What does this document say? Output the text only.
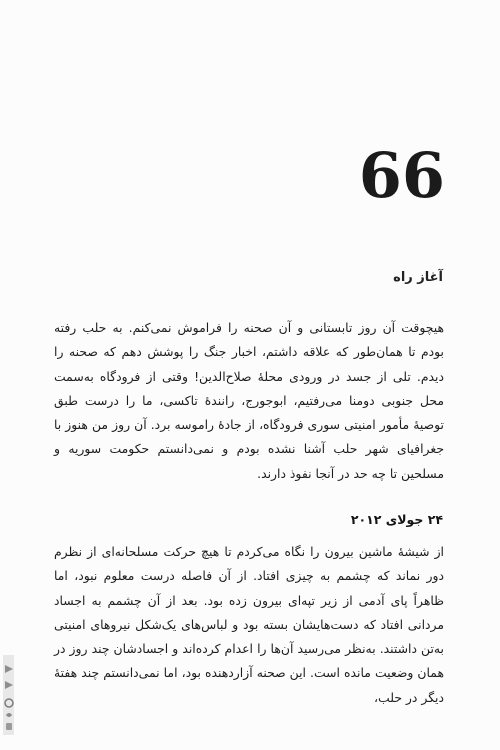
66
آغاز راه
هیچوقت آن روز تابستانی و آن صحنه را فراموش نمی‌کنم. به حلب رفته بودم تا همان‌طور که علاقه داشتم، اخبار جنگ را پوشش دهم که صحنه را دیدم. تلی از جسد در ورودی محلهٔ صلاح‌الدین! وقتی از فرودگاه به‌سمت محل جنوبی دومنا می‌رفتیم، ابوجورج، رانندهٔ تاکسی، ما را درست طبق توصیهٔ مأمور امنیتی سوری فرودگاه، از جادهٔ راموسه برد. آن روز من هنوز با جغرافیای شهر حلب آشنا نشده بودم و نمی‌دانستم حکومت سوریه و مسلحین تا چه حد در آنجا نفوذ دارند.
۲۴ جولای ۲۰۱۲
از شیشهٔ ماشین بیرون را نگاه می‌کردم تا هیچ حرکت مسلحانه‌ای از نظرم دور نماند که چشمم به چیزی افتاد. از آن فاصله درست معلوم نبود، اما ظاهراً پای آدمی از زیر تپه‌ای بیرون زده بود. بعد از آن چشمم به اجساد مردانی افتاد که دست‌هایشان بسته بود و لباس‌های یک‌شکل نیروهای امنیتی به‌تن داشتند. به‌نظر می‌رسید آن‌ها را اعدام کرده‌اند و اجسادشان چند روز در همان وضعیت مانده است. این صحنه آزاردهنده بود، اما نمی‌دانستم چند هفتهٔ دیگر در حلب،
